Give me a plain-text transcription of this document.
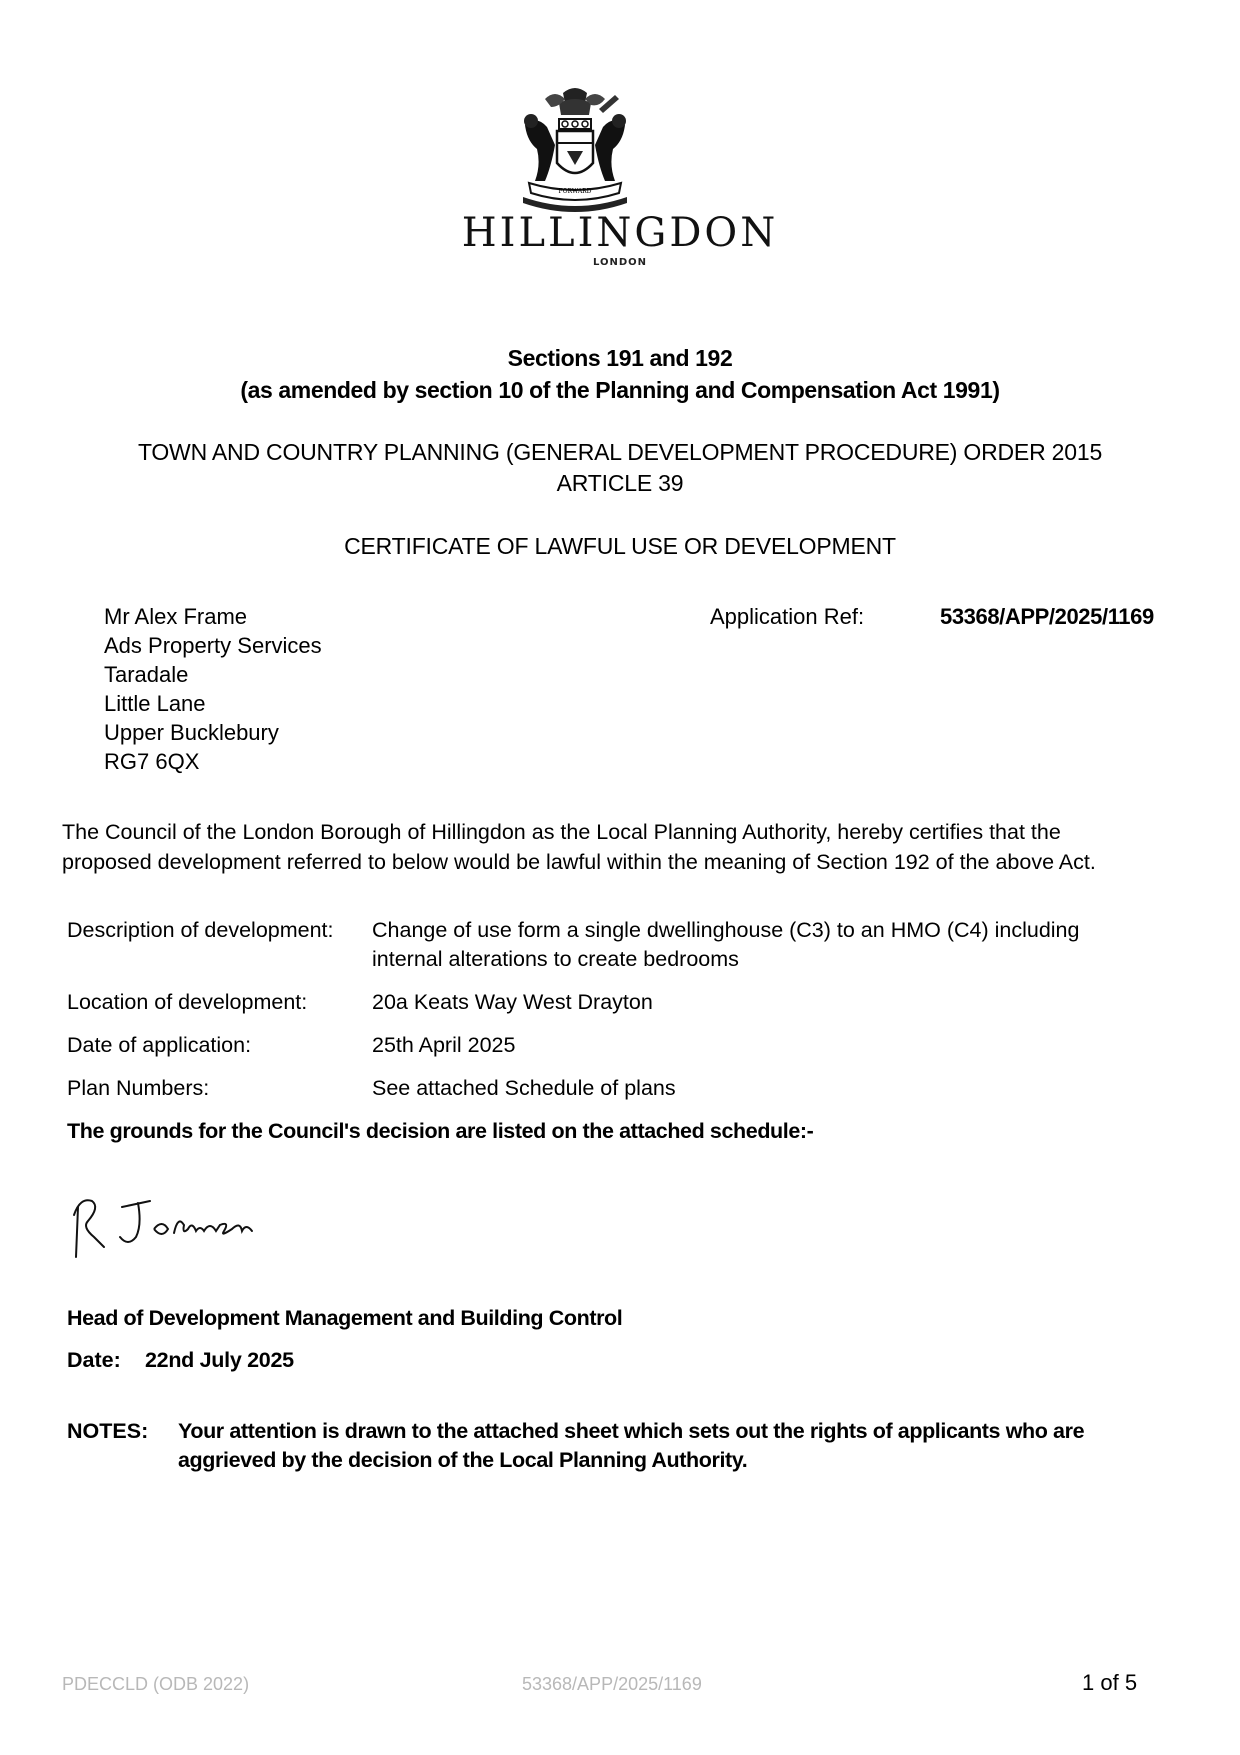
FORWARD
HILLINGDON
LONDON
Sections 191 and 192
(as amended by section 10 of the Planning and Compensation Act 1991)
TOWN AND COUNTRY PLANNING (GENERAL DEVELOPMENT PROCEDURE) ORDER 2015
ARTICLE 39
CERTIFICATE OF LAWFUL USE OR DEVELOPMENT
Mr Alex Frame
Ads Property Services
Taradale
Little Lane
Upper Bucklebury
RG7 6QX
Application Ref:	53368/APP/2025/1169
The Council of the London Borough of Hillingdon as the Local Planning Authority, hereby certifies that the
proposed development referred to below would be lawful within the meaning of Section 192 of the above Act.
Description of development: Change of use form a single dwellinghouse (C3) to an HMO (C4) including
internal alterations to create bedrooms
Location of development:	20a Keats Way West Drayton
Date of application:	25th April 2025
Plan Numbers:	See attached Schedule of plans
The grounds for the Council's decision are listed on the attached schedule:-
Head of Development Management and Building Control
Date: 22nd July 2025
NOTES: Your attention is drawn to the attached sheet which sets out the rights of applicants who are
aggrieved by the decision of the Local Planning Authority.
PDECCLD (ODB 2022)	53368/APP/2025/1169	1 of 5
